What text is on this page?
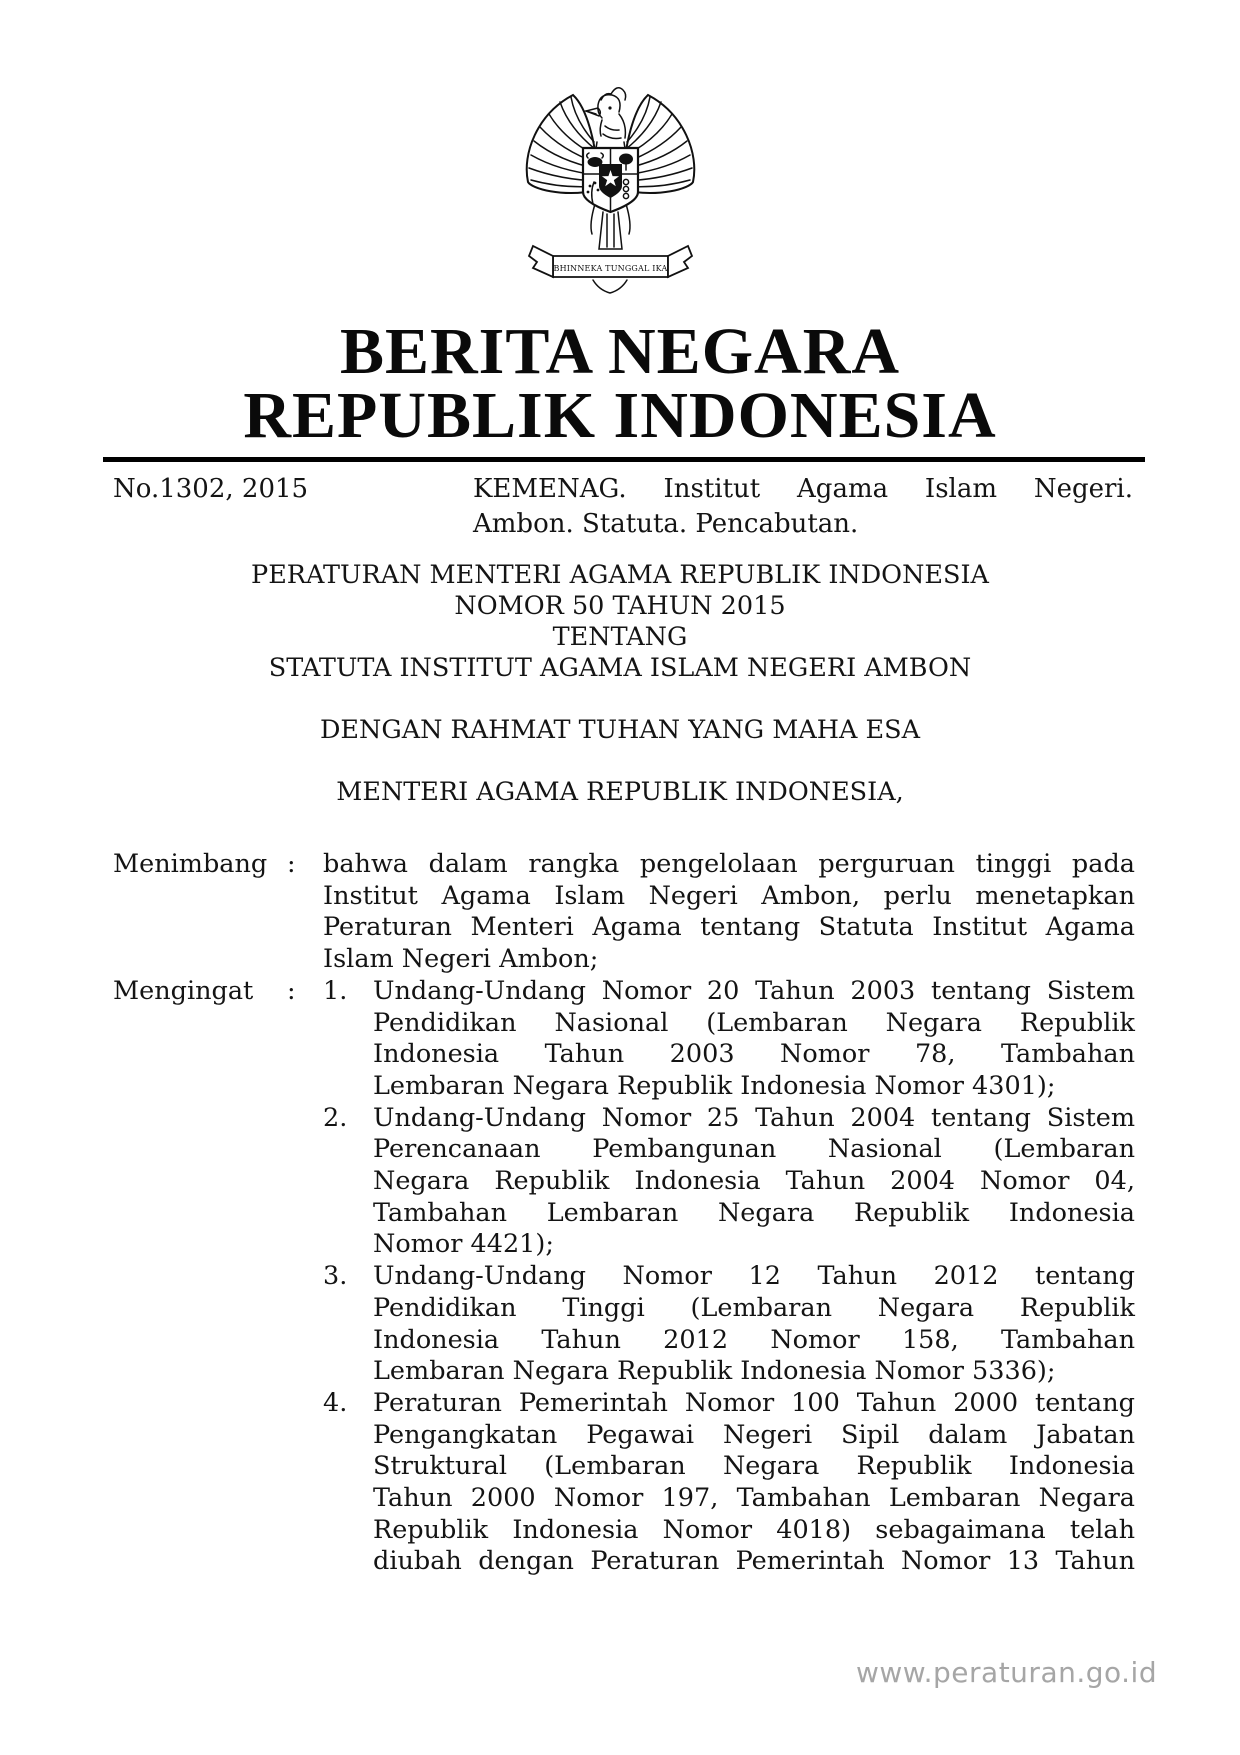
BHINNEKA TUNGGAL IKA
BERITA NEGARA
REPUBLIK INDONESIA
No.1302, 2015	KEMENAG. Institut Agama Islam Negeri.
Ambon. Statuta. Pencabutan.
PERATURAN MENTERI AGAMA REPUBLIK INDONESIA
NOMOR 50 TAHUN 2015
TENTANG
STATUTA INSTITUT AGAMA ISLAM NEGERI AMBON
DENGAN RAHMAT TUHAN YANG MAHA ESA
MENTERI AGAMA REPUBLIK INDONESIA,
Menimbang :	bahwa dalam rangka pengelolaan perguruan tinggi pada
Institut Agama Islam Negeri Ambon, perlu menetapkan
Peraturan Menteri Agama tentang Statuta Institut Agama
Islam Negeri Ambon;
Mengingat	:	1.	Undang-Undang Nomor 20 Tahun 2003 tentang Sistem
Pendidikan Nasional (Lembaran Negara Republik
Indonesia Tahun 2003 Nomor 78, Tambahan
Lembaran Negara Republik Indonesia Nomor 4301);
2.	Undang-Undang Nomor 25 Tahun 2004 tentang Sistem
Perencanaan Pembangunan Nasional (Lembaran
Negara Republik Indonesia Tahun 2004 Nomor 04,
Tambahan Lembaran Negara Republik Indonesia
Nomor 4421);
3.	Undang-Undang Nomor 12 Tahun 2012 tentang
Pendidikan Tinggi (Lembaran Negara Republik
Indonesia Tahun 2012 Nomor 158, Tambahan
Lembaran Negara Republik Indonesia Nomor 5336);
4.	Peraturan Pemerintah Nomor 100 Tahun 2000 tentang
Pengangkatan Pegawai Negeri Sipil dalam Jabatan
Struktural (Lembaran Negara Republik Indonesia
Tahun 2000 Nomor 197, Tambahan Lembaran Negara
Republik Indonesia Nomor 4018) sebagaimana telah
diubah dengan Peraturan Pemerintah Nomor 13 Tahun
www.peraturan.go.id
